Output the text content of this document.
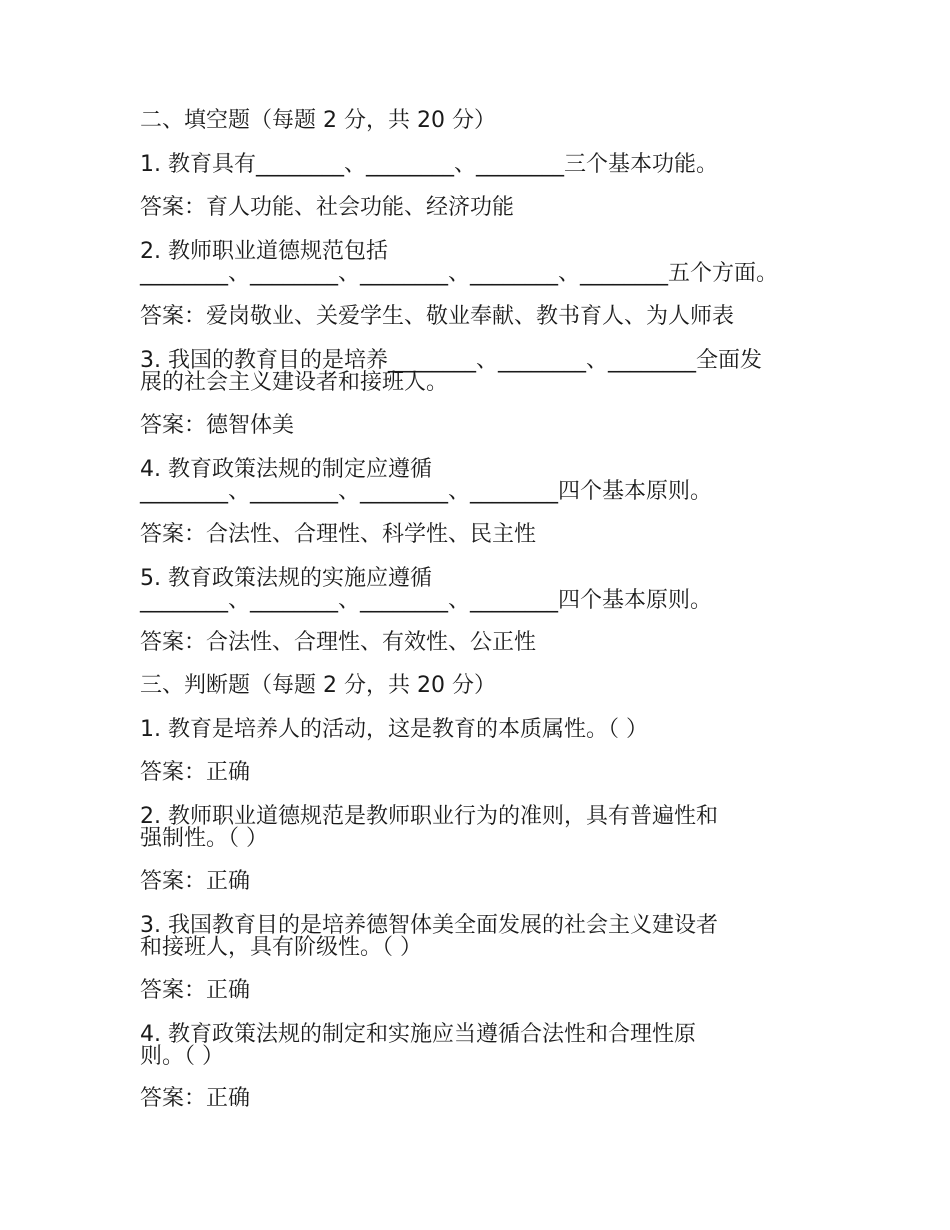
二、填空题（每题 2 分，共 20 分）
1. 教育具有________、________、________三个基本功能。
答案：育人功能、社会功能、经济功能
2. 教师职业道德规范包括
________、________、________、________、________五个方面。
答案：爱岗敬业、关爱学生、敬业奉献、教书育人、为人师表
3. 我国的教育目的是培养________、________、________全面发
展的社会主义建设者和接班人。
答案：德智体美
4. 教育政策法规的制定应遵循
________、________、________、________四个基本原则。
答案：合法性、合理性、科学性、民主性
5. 教育政策法规的实施应遵循
________、________、________、________四个基本原则。
答案：合法性、合理性、有效性、公正性
三、判断题（每题 2 分，共 20 分）
1. 教育是培养人的活动，这是教育的本质属性。（ ）
答案：正确
2. 教师职业道德规范是教师职业行为的准则，具有普遍性和
强制性。（ ）
答案：正确
3. 我国教育目的是培养德智体美全面发展的社会主义建设者
和接班人，具有阶级性。（ ）
答案：正确
4. 教育政策法规的制定和实施应当遵循合法性和合理性原
则。（ ）
答案：正确
